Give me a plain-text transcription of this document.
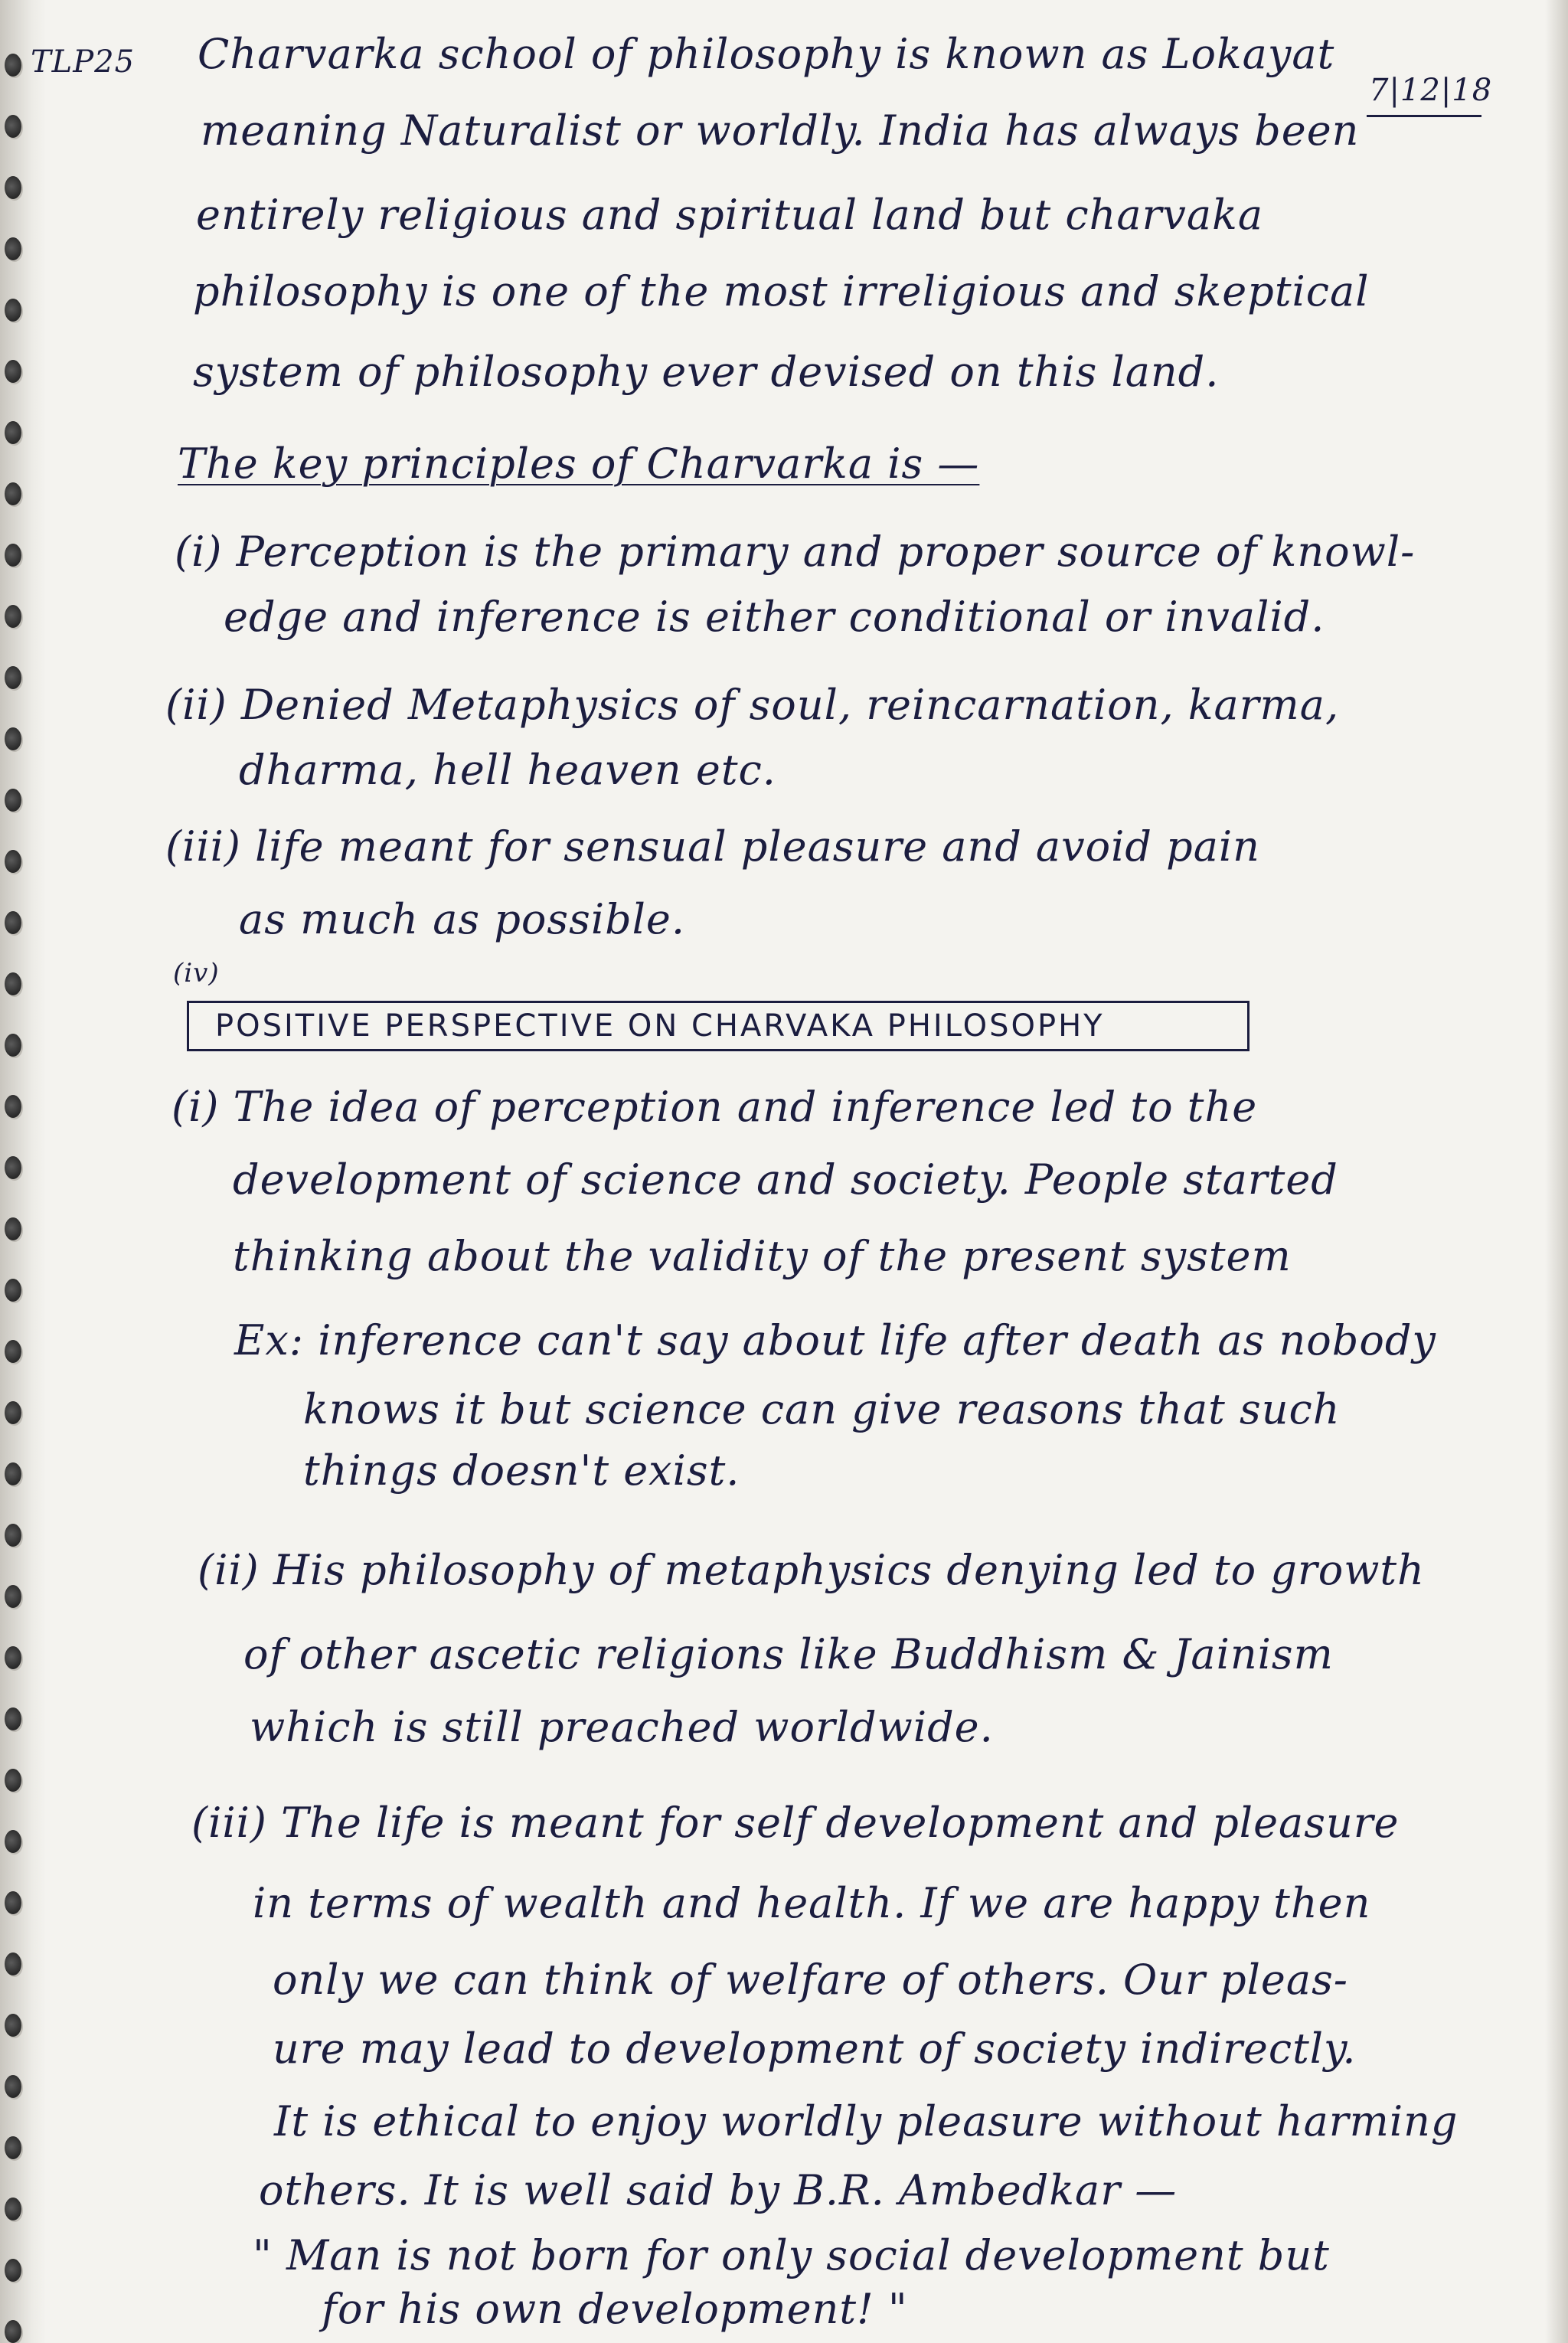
TLP25
7|12|18
Charvarka school of philosophy is known as Lokayat
meaning Naturalist or worldly. India has always been
entirely religious and spiritual land but charvaka
philosophy is one of the most irreligious and skeptical
system of philosophy ever devised on this land.
The key principles of Charvarka is —
(i) Perception is the primary and proper source of knowl-
edge and inference is either conditional or invalid.
(ii) Denied Metaphysics of soul, reincarnation, karma,
dharma, hell heaven etc.
(iii) life meant for sensual pleasure and avoid pain
as much as possible.
(iv)
POSITIVE PERSPECTIVE ON CHARVAKA PHILOSOPHY
(i) The idea of perception and inference led to the
development of science and society. People started
thinking about the validity of the present system
Ex: inference can't say about life after death as nobody
knows it but science can give reasons that such
things doesn't exist.
(ii) His philosophy of metaphysics denying led to growth
of other ascetic religions like Buddhism & Jainism
which is still preached worldwide.
(iii) The life is meant for self development and pleasure
in terms of wealth and health. If we are happy then
only we can think of welfare of others. Our pleas-
ure may lead to development of society indirectly.
It is ethical to enjoy worldly pleasure without harming
others. It is well said by B.R. Ambedkar —
" Man is not born for only social development but
for his own development! "
